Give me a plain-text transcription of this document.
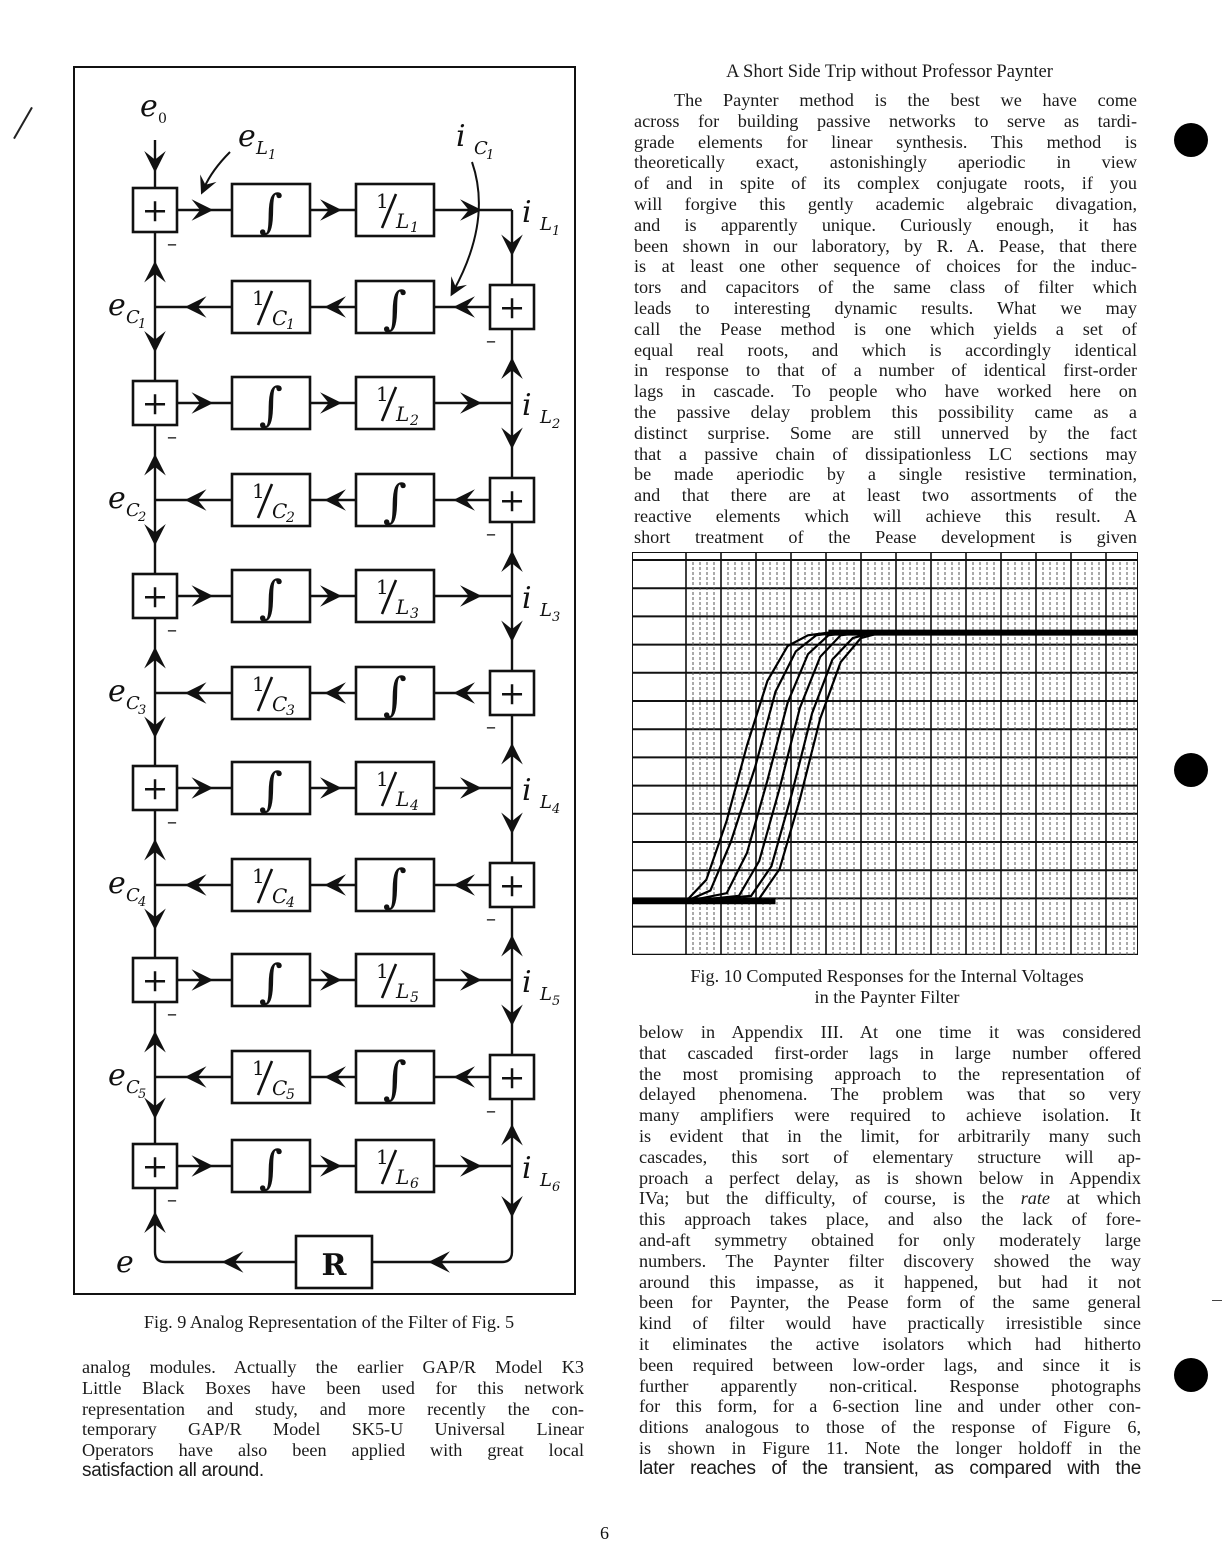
e 0
+
–
∫	1
L 1	i L 1
+
–
∫
1
C
1
e C
1
+
–
∫	1
L 2	i L 2
+
–
∫
1
C
2
e C
2
+
–
∫	1
L 3	i L 3
+
–
∫
1
C
3
e C
3
+
–
∫	1
L 4	i L 4
+
–
∫
1
C
4
e C
4
+
–
∫	1
L 5	i L 5
+
–
∫
1
C
5
e C
5
+
–
∫	1
L 6	i L 6
R
e
e L 1
i C
1
Fig. 9 Analog Representation of the Filter of Fig. 5
analog modules. Actually the earlier GAP/R Model K3
Little Black Boxes have been used for this network
representation and study, and more recently the con-
temporary GAP/R Model SK5-U Universal Linear
Operators have also been applied with great local
satisfaction all around.
A Short Side Trip without Professor Paynter
The Paynter method is the best we have come
across for building passive networks to serve as tardi-
grade elements for linear synthesis. This method is
theoretically exact, astonishingly aperiodic in view
of and in spite of its complex conjugate roots, if you
will forgive this gently academic algebraic divagation,
and is apparently unique. Curiously enough, it has
been shown in our laboratory, by R. A. Pease, that there
is at least one other sequence of choices for the induc-
tors and capacitors of the same class of filter which
leads to interesting dynamic results. What we may
call the Pease method is one which yields a set of
equal real roots, and which is accordingly identical
in response to that of a number of identical first-order
lags in cascade. To people who have worked here on
the passive delay problem this possibility came as a
distinct surprise. Some are still unnerved by the fact
that a passive chain of dissipationless LC sections may
be made aperiodic by a single resistive termination,
and that there are at least two assortments of the
reactive elements which will achieve this result. A
short treatment of the Pease development is given
Fig. 10 Computed Responses for the Internal Voltages
in the Paynter Filter
below in Appendix III. At one time it was considered
that cascaded first-order lags in large number offered
the most promising approach to the representation of
delayed phenomena. The problem was that so very
many amplifiers were required to achieve isolation. It
is evident that in the limit, for arbitrarily many such
cascades, this sort of elementary structure will ap-
proach a perfect delay, as is shown below in Appendix
IVa; but the difficulty, of course, is the rate at which
this approach takes place, and also the lack of fore-
and-aft symmetry obtained for only moderately large
numbers. The Paynter filter discovery showed the way
around this impasse, as it happened, but had it not
been for Paynter, the Pease form of the same general
kind of filter would have practically irresistible since
it eliminates the active isolators which had hitherto
been required between low-order lags, and since it is
further apparently non-critical. Response photographs
for this form, for a 6-section line and under other con-
ditions analogous to those of the response of Figure 6,
is shown in Figure 11. Note the longer holdoff in the
later reaches of the transient, as compared with the
6
